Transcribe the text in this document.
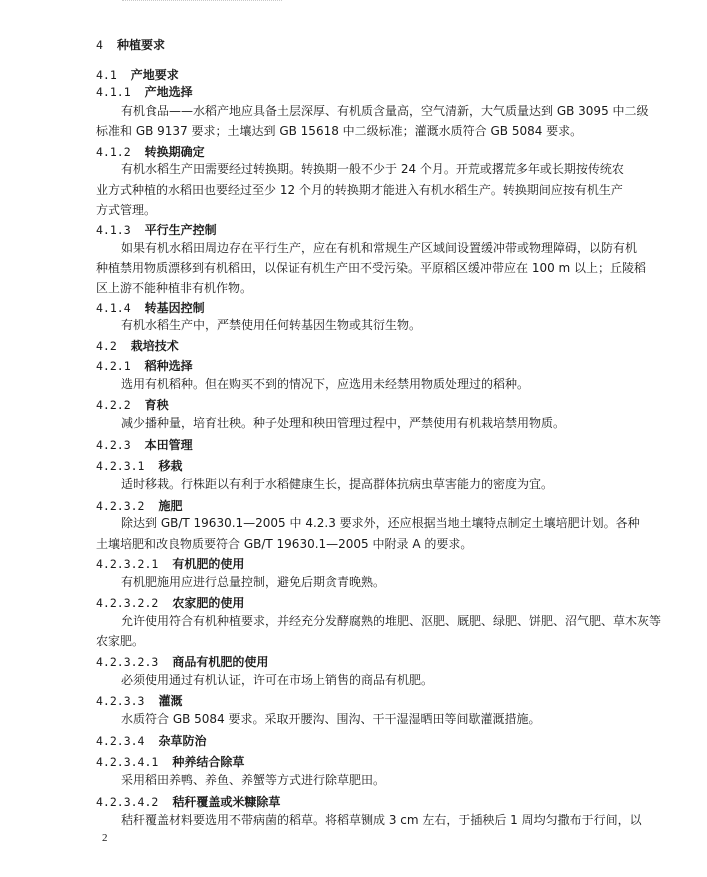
4 种植要求
4.1 产地要求
4.1.1 产地选择
有机食品——水稻产地应具备土层深厚、有机质含量高，空气清新，大气质量达到 GB 3095 中二级
标准和 GB 9137 要求；土壤达到 GB 15618 中二级标准；灌溉水质符合 GB 5084 要求。
4.1.2 转换期确定
有机水稻生产田需要经过转换期。转换期一般不少于 24 个月。开荒或撂荒多年或长期按传统农
业方式种植的水稻田也要经过至少 12 个月的转换期才能进入有机水稻生产。转换期间应按有机生产
方式管理。
4.1.3 平行生产控制
如果有机水稻田周边存在平行生产，应在有机和常规生产区域间设置缓冲带或物理障碍，以防有机
种植禁用物质漂移到有机稻田，以保证有机生产田不受污染。平原稻区缓冲带应在 100 m 以上；丘陵稻
区上游不能种植非有机作物。
4.1.4 转基因控制
有机水稻生产中，严禁使用任何转基因生物或其衍生物。
4.2 栽培技术
4.2.1 稻种选择
选用有机稻种。但在购买不到的情况下，应选用未经禁用物质处理过的稻种。
4.2.2 育秧
减少播种量，培育壮秧。种子处理和秧田管理过程中，严禁使用有机栽培禁用物质。
4.2.3 本田管理
4.2.3.1 移栽
适时移栽。行株距以有利于水稻健康生长，提高群体抗病虫草害能力的密度为宜。
4.2.3.2 施肥
除达到 GB/T 19630.1—2005 中 4.2.3 要求外，还应根据当地土壤特点制定土壤培肥计划。各种
土壤培肥和改良物质要符合 GB/T 19630.1—2005 中附录 A 的要求。
4.2.3.2.1 有机肥的使用
有机肥施用应进行总量控制，避免后期贪青晚熟。
4.2.3.2.2 农家肥的使用
允许使用符合有机种植要求，并经充分发酵腐熟的堆肥、沤肥、厩肥、绿肥、饼肥、沼气肥、草木灰等
农家肥。
4.2.3.2.3 商品有机肥的使用
必须使用通过有机认证，许可在市场上销售的商品有机肥。
4.2.3.3 灌溉
水质符合 GB 5084 要求。采取开腰沟、围沟、干干湿湿晒田等间歇灌溉措施。
4.2.3.4 杂草防治
4.2.3.4.1 种养结合除草
采用稻田养鸭、养鱼、养蟹等方式进行除草肥田。
4.2.3.4.2 秸秆覆盖或米糠除草
秸秆覆盖材料要选用不带病菌的稻草。将稻草铡成 3 cm 左右，于插秧后 1 周均匀撒布于行间，以
2
